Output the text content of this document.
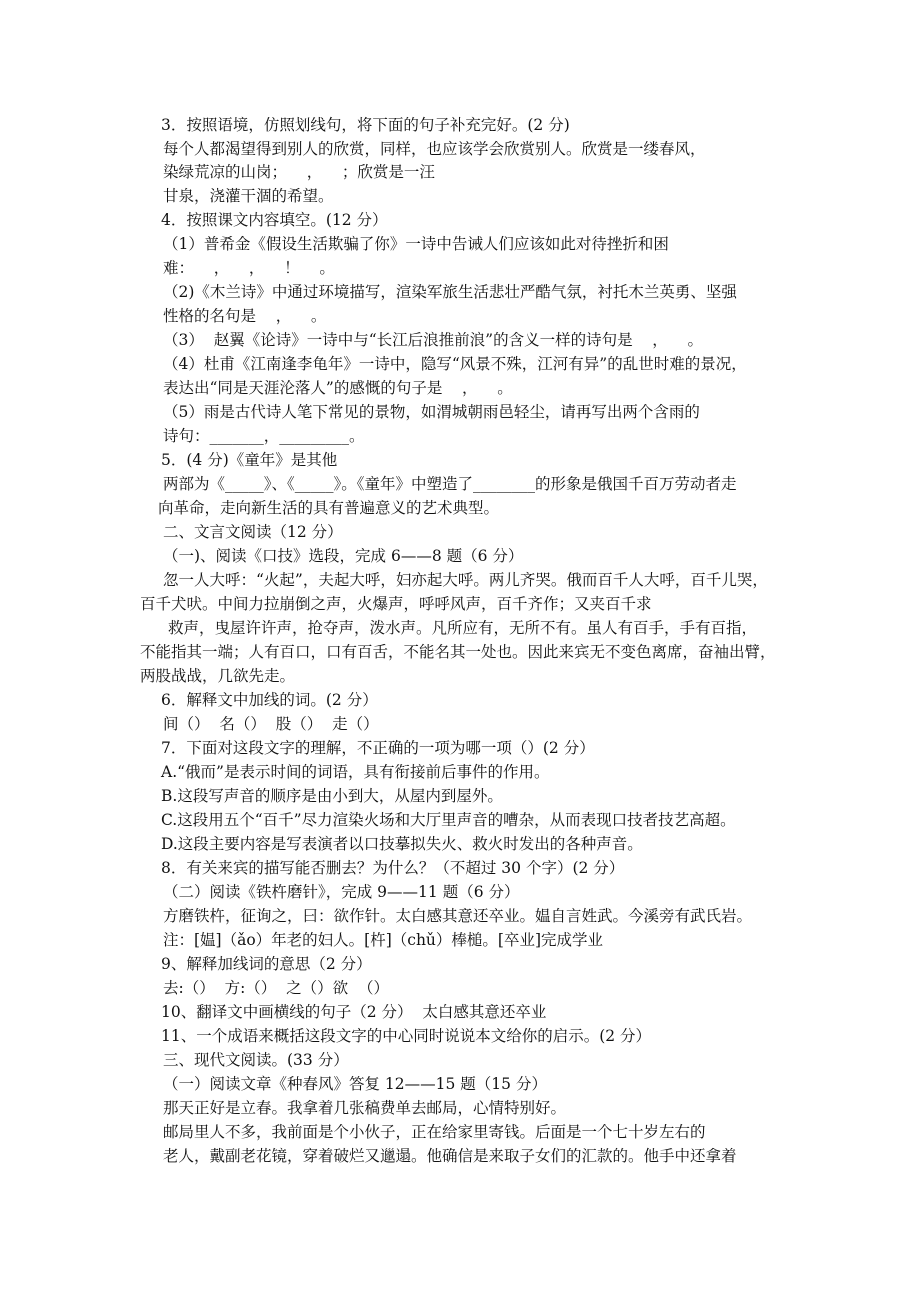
3．按照语境，仿照划线句，将下面的句子补充完好。(2 分)
每个人都渴望得到别人的欣赏，同样，也应该学会欣赏别人。欣赏是一缕春风，
染绿荒凉的山岗；    ，    ；欣赏是一汪
甘泉，浇灌干涸的希望。
4．按照课文内容填空。(12 分）
（1）普希金《假设生活欺骗了你》一诗中告诫人们应该如此对待挫折和困
难：    ，    ，    ！    。
（2)《木兰诗》中通过环境描写，渲染军旅生活悲壮严酷气氛，衬托木兰英勇、坚强
性格的名句是    ，    。
（3）  赵翼《论诗》一诗中与“长江后浪推前浪”的含义一样的诗句是    ，    。
（4）杜甫《江南逢李龟年》一诗中，隐写“风景不殊，江河有异”的乱世时难的景况，
表达出“同是天涯沦落人”的感慨的句子是    ，    。
（5）雨是古代诗人笔下常见的景物，如渭城朝雨邑轻尘，请再写出两个含雨的
诗句：_______，_________。
5．(4 分)《童年》是其他
两部为《_____》、《_____》。《童年》中塑造了________的形象是俄国千百万劳动者走
向革命，走向新生活的具有普遍意义的艺术典型。
二、文言文阅读（12 分）
（一)、阅读《口技》选段，完成 6——8 题（6 分）
忽一人大呼：“火起”，夫起大呼，妇亦起大呼。两儿齐哭。俄而百千人大呼，百千儿哭，
百千犬吠。中间力拉崩倒之声，火爆声，呼呼风声，百千齐作；又夹百千求
救声，曳屋许许声，抢夺声，泼水声。凡所应有，无所不有。虽人有百手，手有百指，
不能指其一端；人有百口，口有百舌，不能名其一处也。因此来宾无不变色离席，奋袖出臂，
两股战战，几欲先走。
6．解释文中加线的词。(2 分）
间（）  名（）  股（）  走（）
7．下面对这段文字的理解，不正确的一项为哪一项（）(2 分）
A.“俄而”是表示时间的词语，具有衔接前后事件的作用。
B.这段写声音的顺序是由小到大，从屋内到屋外。
C.这段用五个“百千”尽力渲染火场和大厅里声音的嘈杂，从而表现口技者技艺高超。
D.这段主要内容是写表演者以口技摹拟失火、救火时发出的各种声音。
8．有关来宾的描写能否删去？为什么？（不超过 30 个字）(2 分）
（二）阅读《铁杵磨针》，完成 9——11 题（6 分）
方磨铁杵，征询之，曰：欲作针。太白感其意还卒业。媪自言姓武。今溪旁有武氏岩。
注：[媪]（ǎo）年老的妇人。[杵]（chǔ）棒槌。[卒业]完成学业
9、解释加线词的意思（2 分）
去:（）  方:（）  之（）欲  （）
10、翻译文中画横线的句子（2 分）  太白感其意还卒业
11、一个成语来概括这段文字的中心同时说说本文给你的启示。(2 分）
三、现代文阅读。(33 分）
（一）阅读文章《种春风》答复 12——15 题（15 分）
那天正好是立春。我拿着几张稿费单去邮局，心情特别好。
邮局里人不多，我前面是个小伙子，正在给家里寄钱。后面是一个七十岁左右的
老人，戴副老花镜，穿着破烂又邋遢。他确信是来取子女们的汇款的。他手中还拿着
